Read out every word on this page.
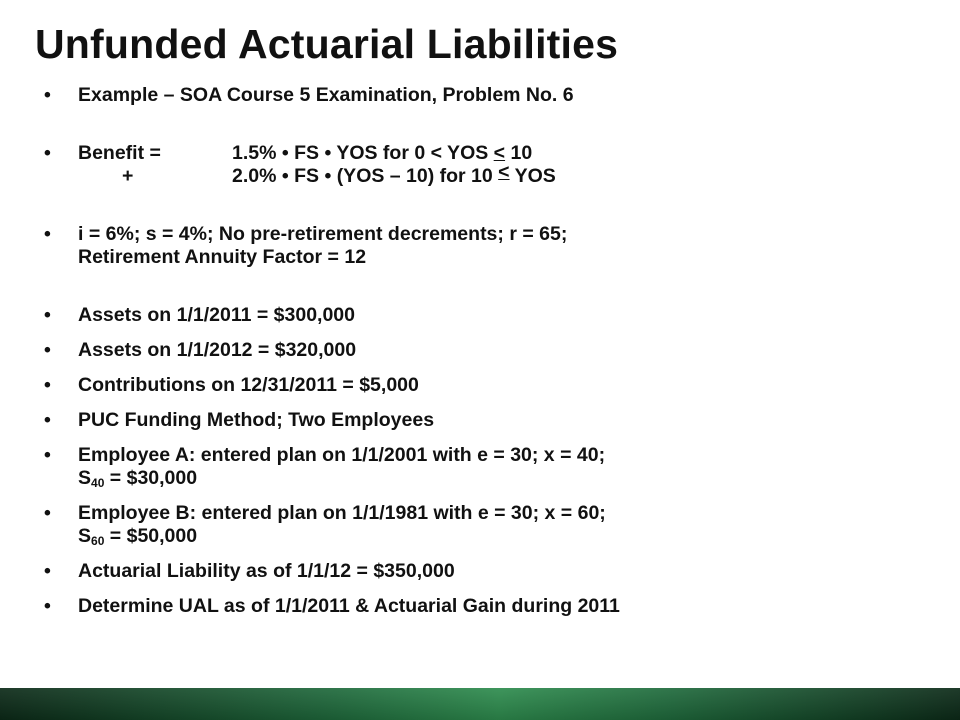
Unfunded Actuarial Liabilities
• Example – SOA Course 5 Examination, Problem No. 6
• Benefit =	1.5% • FS • YOS for 0 < YOS ≤ 10
+	2.0% • FS • (YOS – 10) for 10 < YOS
• i = 6%; s = 4%; No pre-retirement decrements; r = 65;
Retirement Annuity Factor = 12
• Assets on 1/1/2011 = $300,000
• Assets on 1/1/2012 = $320,000
• Contributions on 12/31/2011 = $5,000
• PUC Funding Method; Two Employees
• Employee A: entered plan on 1/1/2001 with e = 30; x = 40;
$S_{40}$ = $30,000
• Employee B: entered plan on 1/1/1981 with e = 30; x = 60;
$S_{60}$ = $50,000
• Actuarial Liability as of 1/1/12 = $350,000
• Determine UAL as of 1/1/2011 & Actuarial Gain during 2011
